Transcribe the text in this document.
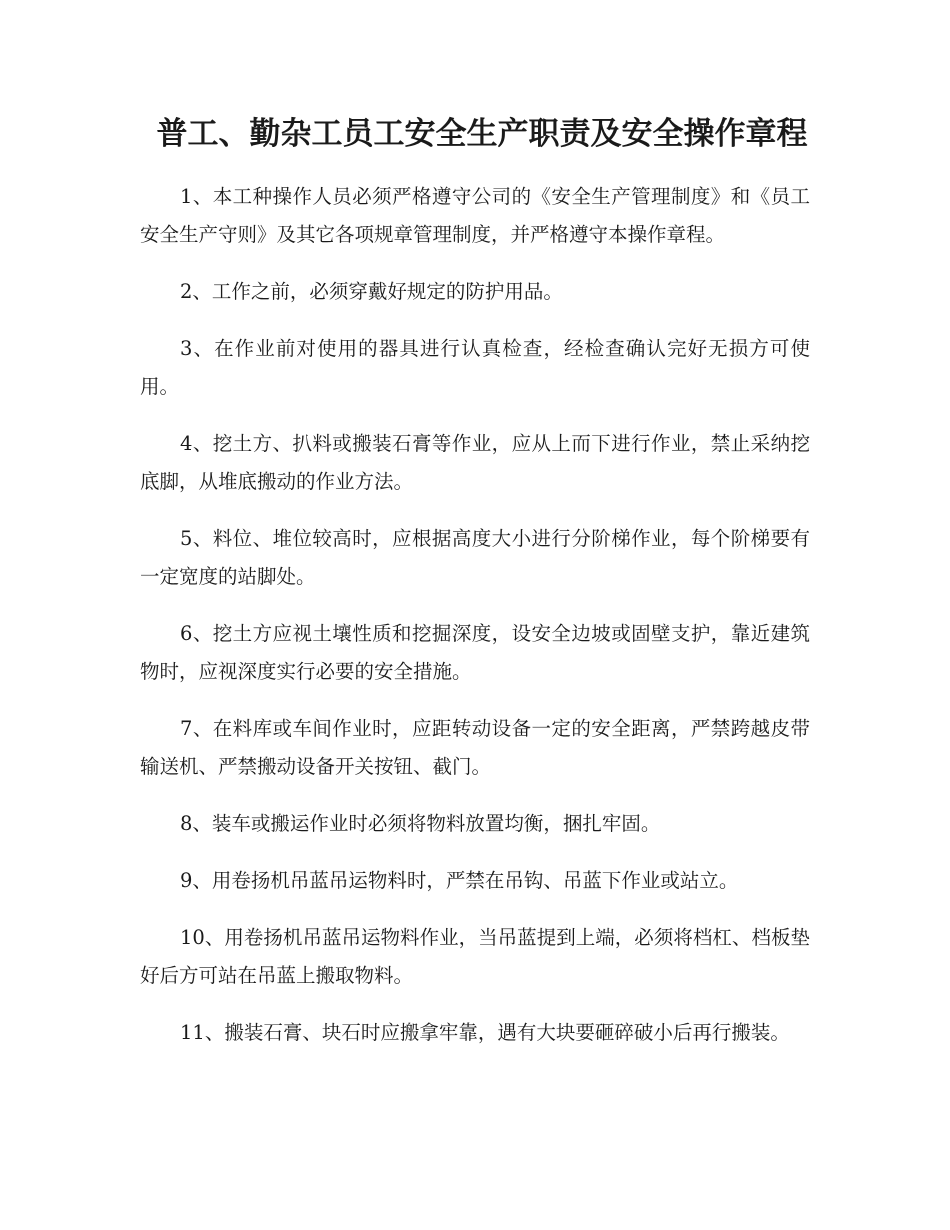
普工、勤杂工员工安全生产职责及安全操作章程

1、本工种操作人员必须严格遵守公司的《安全生产管理制度》和《员工安全生产守则》及其它各项规章管理制度，并严格遵守本操作章程。

2、工作之前，必须穿戴好规定的防护用品。

3、在作业前对使用的器具进行认真检查，经检查确认完好无损方可使用。

4、挖土方、扒料或搬装石膏等作业，应从上而下进行作业，禁止采纳挖底脚，从堆底搬动的作业方法。

5、料位、堆位较高时，应根据高度大小进行分阶梯作业，每个阶梯要有一定宽度的站脚处。

6、挖土方应视土壤性质和挖掘深度，设安全边坡或固壁支护，靠近建筑物时，应视深度实行必要的安全措施。

7、在料库或车间作业时，应距转动设备一定的安全距离，严禁跨越皮带输送机、严禁搬动设备开关按钮、截门。

8、装车或搬运作业时必须将物料放置均衡，捆扎牢固。

9、用卷扬机吊蓝吊运物料时，严禁在吊钩、吊蓝下作业或站立。

10、用卷扬机吊蓝吊运物料作业，当吊蓝提到上端，必须将档杠、档板垫好后方可站在吊蓝上搬取物料。

11、搬装石膏、块石时应搬拿牢靠，遇有大块要砸碎破小后再行搬装。
